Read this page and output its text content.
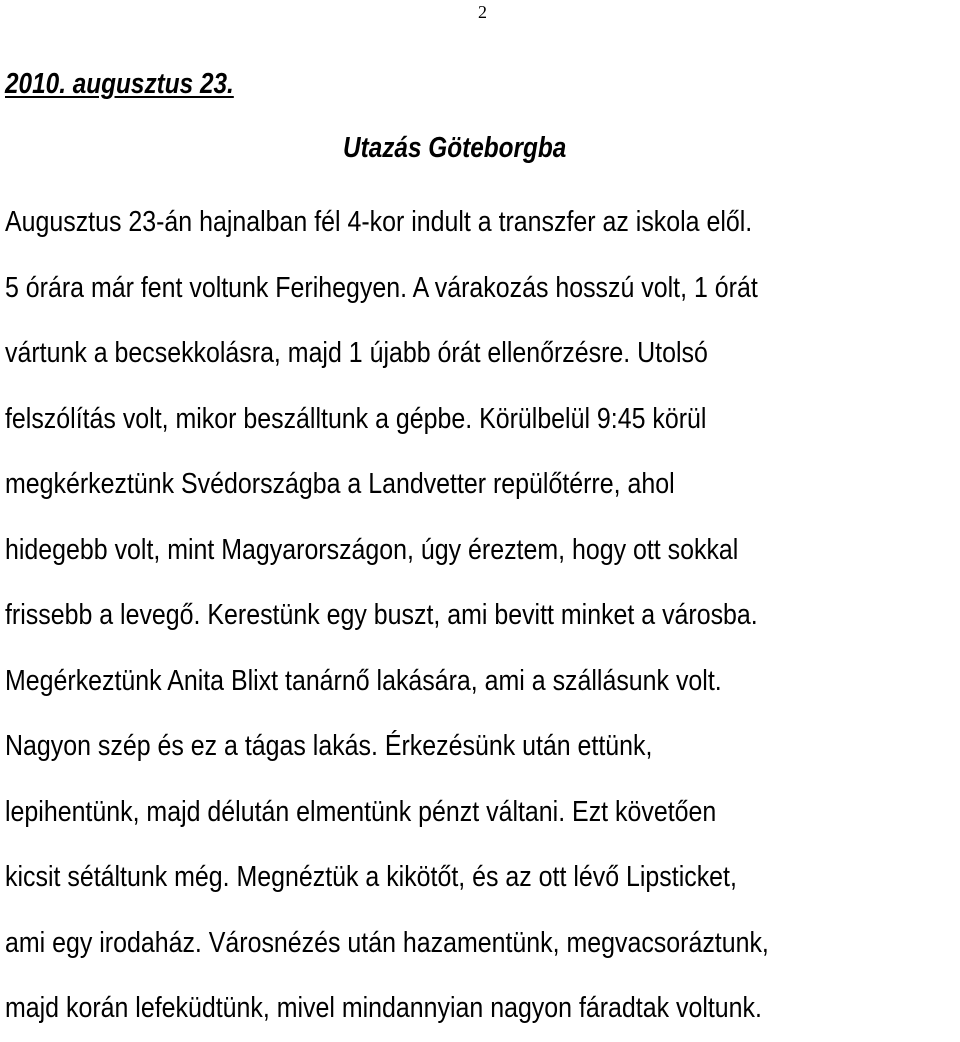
2
2010. augusztus 23.
Utazás Göteborgba
Augusztus 23-án hajnalban fél 4-kor indult a transzfer az iskola elől.
5 órára már fent voltunk Ferihegyen. A várakozás hosszú volt, 1 órát
vártunk a becsekkolásra, majd 1 újabb órát ellenőrzésre. Utolsó
felszólítás volt, mikor beszálltunk a gépbe. Körülbelül 9:45 körül
megkérkeztünk Svédországba a Landvetter repülőtérre, ahol
hidegebb volt, mint Magyarországon, úgy éreztem, hogy ott sokkal
frissebb a levegő. Kerestünk egy buszt, ami bevitt minket a városba.
Megérkeztünk Anita Blixt tanárnő lakására, ami a szállásunk volt.
Nagyon szép és ez a tágas lakás. Érkezésünk után ettünk,
lepihentünk, majd délután elmentünk pénzt váltani. Ezt követően
kicsit sétáltunk még. Megnéztük a kikötőt, és az ott lévő Lipsticket,
ami egy irodaház. Városnézés után hazamentünk, megvacsoráztunk,
majd korán lefeküdtünk, mivel mindannyian nagyon fáradtak voltunk.
